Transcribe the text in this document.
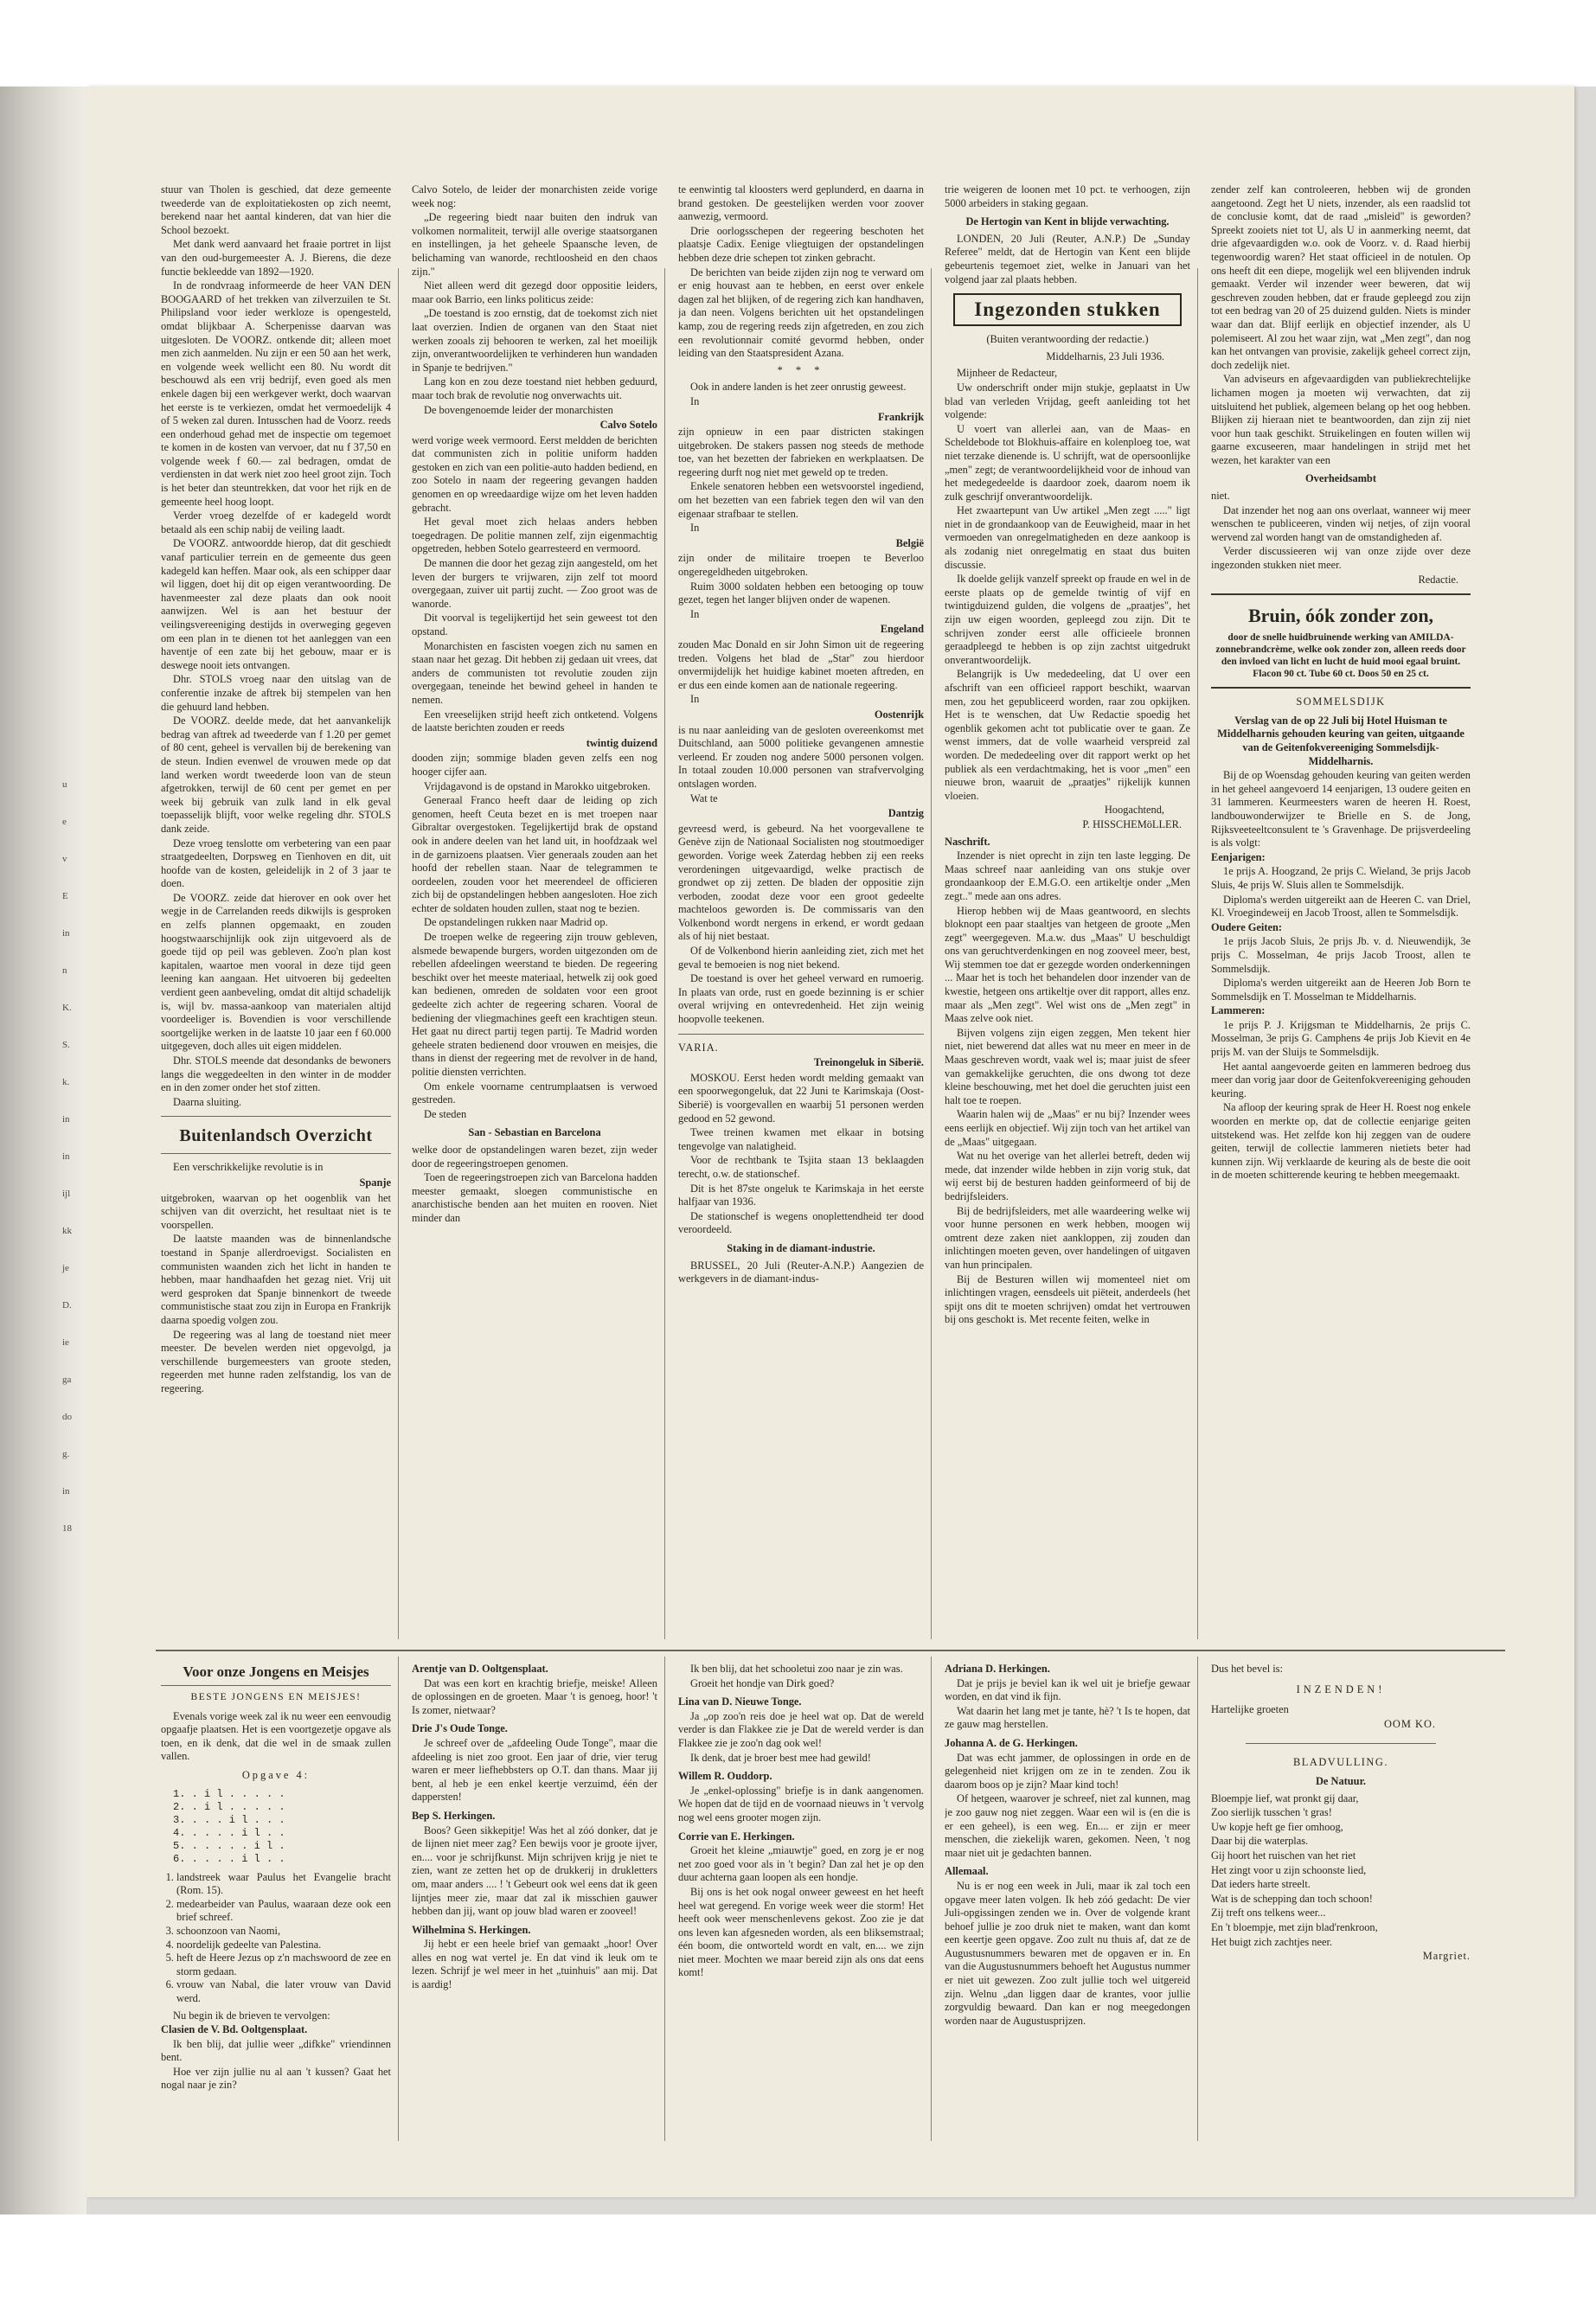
u
e
v
E
in
n
K.
S.
k.
in
in
ijl
kk
je
D.
ie
ga
do
g.
in
18

stuur van Tholen is geschied, dat deze gemeente tweederde van de exploitatiekosten op zich neemt, berekend naar het aantal kinderen, dat van hier die School bezoekt.

Met dank werd aanvaard het fraaie portret in lijst van den oud-burgemeester A. J. Bierens, die deze functie bekleedde van 1892—1920.

In de rondvraag informeerde de heer VAN DEN BOOGAARD of het trekken van zilverzuilen te St. Philipsland voor ieder werkloze is opengesteld, omdat blijkbaar A. Scherpenisse daarvan was uitgesloten. De VOORZ. ontkende dit; alleen moet men zich aanmelden. Nu zijn er een 50 aan het werk, en volgende week wellicht een 80. Nu wordt dit beschouwd als een vrij bedrijf, even goed als men enkele dagen bij een werkgever werkt, doch waarvan het eerste is te verkiezen, omdat het vermoedelijk 4 of 5 weken zal duren. Intusschen had de Voorz. reeds een onderhoud gehad met de inspectie om tegemoet te komen in de kosten van vervoer, dat nu f 37,50 en volgende week f 60.— zal bedragen, omdat de verdiensten in dat werk niet zoo heel groot zijn. Toch is het beter dan steuntrekken, dat voor het rijk en de gemeente heel hoog loopt.

Verder vroeg dezelfde of er kadegeld wordt betaald als een schip nabij de veiling laadt.

De VOORZ. antwoordde hierop, dat dit geschiedt vanaf particulier terrein en de gemeente dus geen kadegeld kan heffen. Maar ook, als een schipper daar wil liggen, doet hij dit op eigen verantwoording. De havenmeester zal deze plaats dan ook nooit aanwijzen. Wel is aan het bestuur der veilingsvereeniging destijds in overweging gegeven om een plan in te dienen tot het aanleggen van een haventje of een zate bij het gebouw, maar er is deswege nooit iets ontvangen.

Dhr. STOLS vroeg naar den uitslag van de conferentie inzake de aftrek bij stempelen van hen die gehuurd land hebben.

De VOORZ. deelde mede, dat het aanvankelijk bedrag van aftrek ad tweederde van f 1.20 per gemet of 80 cent, geheel is vervallen bij de berekening van de steun. Indien evenwel de vrouwen mede op dat land werken wordt tweederde loon van de steun afgetrokken, terwijl de 60 cent per gemet en per week bij gebruik van zulk land in elk geval toepasselijk blijft, voor welke regeling dhr. STOLS dank zeide.

Deze vroeg tenslotte om verbetering van een paar straatgedeelten, Dorpsweg en Tienhoven en dit, uit hoofde van de kosten, geleidelijk in 2 of 3 jaar te doen.

De VOORZ. zeide dat hierover en ook over het wegje in de Carrelanden reeds dikwijls is gesproken en zelfs plannen opgemaakt, en zouden hoogstwaarschijnlijk ook zijn uitgevoerd als de goede tijd op peil was gebleven. Zoo'n plan kost kapitalen, waartoe men vooral in deze tijd geen leening kan aangaan. Het uitvoeren bij gedeelten verdient geen aanbeveling, omdat dit altijd schadelijk is, wijl bv. massa-aankoop van materialen altijd voordeeliger is. Bovendien is voor verschillende soortgelijke werken in de laatste 10 jaar een f 60.000 uitgegeven, doch alles uit eigen middelen.

Dhr. STOLS meende dat desondanks de bewoners langs die weggedeelten in den winter in de modder en in den zomer onder het stof zitten.

Daarna sluiting.

Buitenlandsch Overzicht

Een verschrikkelijke revolutie is in

Spanje

uitgebroken, waarvan op het oogenblik van het schijven van dit overzicht, het resultaat niet is te voorspellen.

De laatste maanden was de binnenlandsche toestand in Spanje allerdroevigst. Socialisten en communisten waanden zich het licht in handen te hebben, maar handhaafden het gezag niet. Vrij uit werd gesproken dat Spanje binnenkort de tweede communistische staat zou zijn in Europa en Frankrijk daarna spoedig volgen zou.

De regeering was al lang de toestand niet meer meester. De bevelen werden niet opgevolgd, ja verschillende burgemeesters van groote steden, regeerden met hunne raden zelfstandig, los van de regeering.

Calvo Sotelo, de leider der monarchisten zeide vorige week nog:

„De regeering biedt naar buiten den indruk van volkomen normaliteit, terwijl alle overige staatsorganen en instellingen, ja het geheele Spaansche leven, de belichaming van wanorde, rechtloosheid en den chaos zijn."

Niet alleen werd dit gezegd door oppositie leiders, maar ook Barrio, een links politicus zeide:

„De toestand is zoo ernstig, dat de toekomst zich niet laat overzien. Indien de organen van den Staat niet werken zooals zij behooren te werken, zal het moeilijk zijn, onverantwoordelijken te verhinderen hun wandaden in Spanje te bedrijven."

Lang kon en zou deze toestand niet hebben geduurd, maar toch brak de revolutie nog onverwachts uit.

De bovengenoemde leider der monarchisten

Calvo Sotelo

werd vorige week vermoord. Eerst meldden de berichten dat communisten zich in politie uniform hadden gestoken en zich van een politie-auto hadden bediend, en zoo Sotelo in naam der regeering gevangen hadden genomen en op wreedaardige wijze om het leven hadden gebracht.

Het geval moet zich helaas anders hebben toegedragen. De politie mannen zelf, zijn eigenmachtig opgetreden, hebben Sotelo gearresteerd en vermoord.

De mannen die door het gezag zijn aangesteld, om het leven der burgers te vrijwaren, zijn zelf tot moord overgegaan, zuiver uit partij zucht. — Zoo groot was de wanorde.

Dit voorval is tegelijkertijd het sein geweest tot den opstand.

Monarchisten en fascisten voegen zich nu samen en staan naar het gezag. Dit hebben zij gedaan uit vrees, dat anders de communisten tot revolutie zouden zijn overgegaan, teneinde het bewind geheel in handen te nemen.

Een vreeselijken strijd heeft zich ontketend. Volgens de laatste berichten zouden er reeds

twintig duizend

dooden zijn; sommige bladen geven zelfs een nog hooger cijfer aan.

Vrijdagavond is de opstand in Marokko uitgebroken.

Generaal Franco heeft daar de leiding op zich genomen, heeft Ceuta bezet en is met troepen naar Gibraltar overgestoken. Tegelijkertijd brak de opstand ook in andere deelen van het land uit, in hoofdzaak wel in de garnizoens plaatsen. Vier generaals zouden aan het hoofd der rebellen staan. Naar de telegrammen te oordeelen, zouden voor het meerendeel de officieren zich bij de opstandelingen hebben aangesloten. Hoe zich echter de soldaten houden zullen, staat nog te bezien.

De opstandelingen rukken naar Madrid op.

De troepen welke de regeering zijn trouw gebleven, alsmede bewapende burgers, worden uitgezonden om de rebellen afdeelingen weerstand te bieden. De regeering beschikt over het meeste materiaal, hetwelk zij ook goed kan bedienen, omreden de soldaten voor een groot gedeelte zich achter de regeering scharen. Vooral de bediening der vliegmachines geeft een krachtigen steun. Het gaat nu direct partij tegen partij. Te Madrid worden geheele straten bedienend door vrouwen en meisjes, die thans in dienst der regeering met de revolver in de hand, politie diensten verrichten.

Om enkele voorname centrumplaatsen is verwoed gestreden.

De steden

San - Sebastian en Barcelona

welke door de opstandelingen waren bezet, zijn weder door de regeeringstroepen genomen.

Toen de regeeringstroepen zich van Barcelona hadden meester gemaakt, sloegen communistische en anarchistische benden aan het muiten en rooven. Niet minder dan

te eenwintig tal kloosters werd geplunderd, en daarna in brand gestoken. De geestelijken werden voor zoover aanwezig, vermoord.

Drie oorlogsschepen der regeering beschoten het plaatsje Cadix. Eenige vliegtuigen der opstandelingen hebben deze drie schepen tot zinken gebracht.

De berichten van beide zijden zijn nog te verward om er enig houvast aan te hebben, en eerst over enkele dagen zal het blijken, of de regering zich kan handhaven, ja dan neen. Volgens berichten uit het opstandelingen kamp, zou de regering reeds zijn afgetreden, en zou zich een revolutionnair comité gevormd hebben, onder leiding van den Staatspresident Azana.

* * *

Ook in andere landen is het zeer onrustig geweest.

In

Frankrijk

zijn opnieuw in een paar districten stakingen uitgebroken. De stakers passen nog steeds de methode toe, van het bezetten der fabrieken en werkplaatsen. De regeering durft nog niet met geweld op te treden.

Enkele senatoren hebben een wetsvoorstel ingediend, om het bezetten van een fabriek tegen den wil van den eigenaar strafbaar te stellen.

In

België

zijn onder de militaire troepen te Beverloo ongeregeldheden uitgebroken.

Ruim 3000 soldaten hebben een betooging op touw gezet, tegen het langer blijven onder de wapenen.

In

Engeland

zouden Mac Donald en sir John Simon uit de regeering treden. Volgens het blad de „Star" zou hierdoor onvermijdelijk het huidige kabinet moeten aftreden, en er dus een einde komen aan de nationale regeering.

In

Oostenrijk

is nu naar aanleiding van de gesloten overeenkomst met Duitschland, aan 5000 politieke gevangenen amnestie verleend. Er zouden nog andere 5000 personen volgen. In totaal zouden 10.000 personen van strafvervolging ontslagen worden.

Wat te

Dantzig

gevreesd werd, is gebeurd. Na het voorgevallene te Genève zijn de Nationaal Socialisten nog stoutmoediger geworden. Vorige week Zaterdag hebben zij een reeks verordeningen uitgevaardigd, welke practisch de grondwet op zij zetten. De bladen der oppositie zijn verboden, zoodat deze voor een groot gedeelte machteloos geworden is. De commissaris van den Volkenbond wordt nergens in erkend, er wordt gedaan als of hij niet bestaat.

Of de Volkenbond hierin aanleiding ziet, zich met het geval te bemoeien is nog niet bekend.

De toestand is over het geheel verward en rumoerig. In plaats van orde, rust en goede bezinning is er schier overal wrijving en ontevredenheid. Het zijn weinig hoopvolle teekenen.

VARIA.

Treinongeluk in Siberië.

MOSKOU. Eerst heden wordt melding gemaakt van een spoorwegongeluk, dat 22 Juni te Karimskaja (Oost-Siberië) is voorgevallen en waarbij 51 personen werden gedood en 52 gewond.

Twee treinen kwamen met elkaar in botsing tengevolge van nalatigheid.

Voor de rechtbank te Tsjita staan 13 beklaagden terecht, o.w. de stationschef.

Dit is het 87ste ongeluk te Karimskaja in het eerste halfjaar van 1936.

De stationschef is wegens onoplettendheid ter dood veroordeeld.

Staking in de diamant-industrie.

BRUSSEL, 20 Juli (Reuter-A.N.P.) Aangezien de werkgevers in de diamant-indus-

trie weigeren de loonen met 10 pct. te verhoogen, zijn 5000 arbeiders in staking gegaan.

De Hertogin van Kent in blijde verwachting.

LONDEN, 20 Juli (Reuter, A.N.P.) De „Sunday Referee" meldt, dat de Hertogin van Kent een blijde gebeurtenis tegemoet ziet, welke in Januari van het volgend jaar zal plaats hebben.

Ingezonden stukken

(Buiten verantwoording der redactie.)

Middelharnis, 23 Juli 1936.

Mijnheer de Redacteur,

Uw onderschrift onder mijn stukje, geplaatst in Uw blad van verleden Vrijdag, geeft aanleiding tot het volgende:

U voert van allerlei aan, van de Maas- en Scheldebode tot Blokhuis-affaire en kolenploeg toe, wat niet terzake dienende is. U schrijft, wat de opersoonlijke „men" zegt; de verantwoordelijkheid voor de inhoud van het medegedeelde is daardoor zoek, daarom noem ik zulk geschrijf onverantwoordelijk.

Het zwaartepunt van Uw artikel „Men zegt ....." ligt niet in de grondaankoop van de Eeuwigheid, maar in het vermoeden van onregelmatigheden en deze aankoop is als zodanig niet onregelmatig en staat dus buiten discussie.

Ik doelde gelijk vanzelf spreekt op fraude en wel in de eerste plaats op de gemelde twintig of vijf en twintigduizend gulden, die volgens de „praatjes", het zijn uw eigen woorden, gepleegd zou zijn. Dit te schrijven zonder eerst alle officieele bronnen geraadpleegd te hebben is op zijn zachtst uitgedrukt onverantwoordelijk.

Belangrijk is Uw mededeeling, dat U over een afschrift van een officieel rapport beschikt, waarvan men, zou het gepubliceerd worden, raar zou opkijken. Het is te wenschen, dat Uw Redactie spoedig het ogenblik gekomen acht tot publicatie over te gaan. Ze wenst immers, dat de volle waarheid verspreid zal worden. De mededeeling over dit rapport werkt op het publiek als een verdachtmaking, het is voor „men" een nieuwe bron, waaruit de „praatjes" rijkelijk kunnen vloeien.

Hoogachtend,

P. HISSCHEMöLLER.

Naschrift.

Inzender is niet oprecht in zijn ten laste legging. De Maas schreef naar aanleiding van ons stukje over grondaankoop der E.M.G.O. een artikeltje onder „Men zegt.." mede aan ons adres.

Hierop hebben wij de Maas geantwoord, en slechts bloknopt een paar staaltjes van hetgeen de groote „Men zegt" weergegeven. M.a.w. dus „Maas" U beschuldigt ons van geruchtverdenkingen en nog zooveel meer, best, Wij stemmen toe dat er gezegde worden onderkenningen ... Maar het is toch het behandelen door inzender van de kwestie, hetgeen ons artikeltje over dit rapport, alles enz. maar als „Men zegt". Wel wist ons de „Men zegt" in Maas zelve ook niet.

Bijven volgens zijn eigen zeggen, Men tekent hier niet, niet bewerend dat alles wat nu meer en meer in de Maas geschreven wordt, vaak wel is; maar juist de sfeer van gemakkelijke geruchten, die ons dwong tot deze kleine beschouwing, met het doel die geruchten juist een halt toe te roepen.

Waarin halen wij de „Maas" er nu bij? Inzender wees eens eerlijk en objectief. Wij zijn toch van het artikel van de „Maas" uitgegaan.

Wat nu het overige van het allerlei betreft, deden wij mede, dat inzender wilde hebben in zijn vorig stuk, dat wij eerst bij de besturen hadden geinformeerd of bij de bedrijfsleiders.

Bij de bedrijfsleiders, met alle waardeering welke wij voor hunne personen en werk hebben, moogen wij omtrent deze zaken niet aankloppen, zij zouden dan inlichtingen moeten geven, over handelingen of uitgaven van hun principalen.

Bij de Besturen willen wij momenteel niet om inlichtingen vragen, eensdeels uit piëteit, anderdeels (het spijt ons dit te moeten schrijven) omdat het vertrouwen bij ons geschokt is. Met recente feiten, welke in

zender zelf kan controleeren, hebben wij de gronden aangetoond. Zegt het U niets, inzender, als een raadslid tot de conclusie komt, dat de raad „misleid" is geworden? Spreekt zooiets niet tot U, als U in aanmerking neemt, dat drie afgevaardigden w.o. ook de Voorz. v. d. Raad hierbij tegenwoordig waren? Het staat officieel in de notulen. Op ons heeft dit een diepe, mogelijk wel een blijvenden indruk gemaakt. Verder wil inzender weer beweren, dat wij geschreven zouden hebben, dat er fraude gepleegd zou zijn tot een bedrag van 20 of 25 duizend gulden. Niets is minder waar dan dat. Blijf eerlijk en objectief inzender, als U polemiseert. Al zou het waar zijn, wat „Men zegt", dan nog kan het ontvangen van provisie, zakelijk geheel correct zijn, doch zedelijk niet.

Van adviseurs en afgevaardigden van publiekrechtelijke lichamen mogen ja moeten wij verwachten, dat zij uitsluitend het publiek, algemeen belang op het oog hebben. Blijken zij hieraan niet te beantwoorden, dan zijn zij niet voor hun taak geschikt. Struikelingen en fouten willen wij gaarne excuseeren, maar handelingen in strijd met het wezen, het karakter van een

Overheidsambt

niet.

Dat inzender het nog aan ons overlaat, wanneer wij meer wenschen te publiceeren, vinden wij netjes, of zijn vooral wervend zal worden hangt van de omstandigheden af.

Verder discussieeren wij van onze zijde over deze ingezonden stukken niet meer.

Redactie.

Bruin, óók zonder zon,

door de snelle huidbruinende werking van AMILDA-zonnebrandcrème, welke ook zonder zon, alleen reeds door den invloed van licht en lucht de huid mooi egaal bruint. Flacon 90 ct. Tube 60 ct. Doos 50 en 25 ct.

SOMMELSDIJK

Verslag van de op 22 Juli bij Hotel Huisman te Middelharnis gehouden keuring van geiten, uitgaande van de Geitenfokvereeniging Sommelsdijk-Middelharnis.

Bij de op Woensdag gehouden keuring van geiten werden in het geheel aangevoerd 14 eenjarigen, 13 oudere geiten en 31 lammeren. Keurmeesters waren de heeren H. Roest, landbouwonderwijzer te Brielle en S. de Jong, Rijksveeteeltconsulent te 's Gravenhage. De prijsverdeeling is als volgt:

Eenjarigen:

1e prijs A. Hoogzand, 2e prijs C. Wieland, 3e prijs Jacob Sluis, 4e prijs W. Sluis allen te Sommelsdijk.

Diploma's werden uitgereikt aan de Heeren C. van Driel, Kl. Vroegindeweij en Jacob Troost, allen te Sommelsdijk.

Oudere Geiten:

1e prijs Jacob Sluis, 2e prijs Jb. v. d. Nieuwendijk, 3e prijs C. Mosselman, 4e prijs Jacob Troost, allen te Sommelsdijk.

Diploma's werden uitgereikt aan de Heeren Job Born te Sommelsdijk en T. Mosselman te Middelharnis.

Lammeren:

1e prijs P. J. Krijgsman te Middelharnis, 2e prijs C. Mosselman, 3e prijs G. Camphens 4e prijs Job Kievit en 4e prijs M. van der Sluijs te Sommelsdijk.

Het aantal aangevoerde geiten en lammeren bedroeg dus meer dan vorig jaar door de Geitenfokvereeniging gehouden keuring.

Na afloop der keuring sprak de Heer H. Roest nog enkele woorden en merkte op, dat de collectie eenjarige geiten uitstekend was. Het zelfde kon hij zeggen van de oudere geiten, terwijl de collectie lammeren nietiets beter had kunnen zijn. Wij verklaarde de keuring als de beste die ooit in de moeten schitterende keuring te hebben meegemaakt.

Voor onze Jongens en Meisjes
BESTE JONGENS EN MEISJES!

Evenals vorige week zal ik nu weer een eenvoudig opgaafje plaatsen. Het is een voortgezetje opgave als toen, en ik denk, dat die wel in de smaak zullen vallen.

Opgave 4:
1. . i l . . . . .
2. . i l . . . . .
3. . . . i l . . .
4. . . . . i l . .
5. . . . . . i l .
6. . . . . i l . .
1. landstreek waar Paulus het Evangelie bracht (Rom. 15).
2. medearbeider van Paulus, waaraan deze ook een brief schreef.
3. schoonzoon van Naomi,
4. noordelijk gedeelte van Palestina.
5. heft de Heere Jezus op z'n machswoord de zee en storm gedaan.
6. vrouw van Nabal, die later vrouw van David werd.

Nu begin ik de brieven te vervolgen:

Clasien de V. Bd. Ooltgensplaat.

Ik ben blij, dat jullie weer „difkke" vriendinnen bent.

Hoe ver zijn jullie nu al aan 't kussen? Gaat het nogal naar je zin?

Arentje van D. Ooltgensplaat.

Dat was een kort en krachtig briefje, meiske! Alleen de oplossingen en de groeten. Maar 't is genoeg, hoor! 't Is zomer, nietwaar?

Drie J's Oude Tonge.

Je schreef over de „afdeeling Oude Tonge", maar die afdeeling is niet zoo groot. Een jaar of drie, vier terug waren er meer liefhebbsters op O.T. dan thans. Maar jij bent, al heb je een enkel keertje verzuimd, één der dappersten!

Bep S. Herkingen.

Boos? Geen sikkepitje! Was het al zóó donker, dat je de lijnen niet meer zag? Een bewijs voor je groote ijver, en.... voor je schrijfkunst. Mijn schrijven krijg je niet te zien, want ze zetten het op de drukkerij in drukletters om, maar anders .... ! 't Gebeurt ook wel eens dat ik geen lijntjes meer zie, maar dat zal ik misschien gauwer hebben dan jij, want op jouw blad waren er zooveel!

Wilhelmina S. Herkingen.

Jij hebt er een heele brief van gemaakt „hoor! Over alles en nog wat vertel je. En dat vind ik leuk om te lezen. Schrijf je wel meer in het „tuinhuis" aan mij. Dat is aardig!

Ik ben blij, dat het schooletui zoo naar je zin was.

Groeit het hondje van Dirk goed?

Lina van D. Nieuwe Tonge.

Ja „op zoo'n reis doe je heel wat op. Dat de wereld verder is dan Flakkee zie je Dat de wereld verder is dan Flakkee zie je zoo'n dag ook wel!

Ik denk, dat je broer best mee had gewild!

Willem R. Ouddorp.

Je „enkel-oplossing" briefje is in dank aangenomen. We hopen dat de tijd en de voornaad nieuws in 't vervolg nog wel eens grooter mogen zijn.

Corrie van E. Herkingen.

Groeit het kleine „miauwtje" goed, en zorg je er nog net zoo goed voor als in 't begin? Dan zal het je op den duur achterna gaan loopen als een hondje.

Bij ons is het ook nogal onweer geweest en het heeft heel wat geregend. En vorige week weer die storm! Het heeft ook weer menschenlevens gekost. Zoo zie je dat ons leven kan afgesneden worden, als een bliksemstraal; één boom, die ontworteld wordt en valt, en.... we zijn niet meer. Mochten we maar bereid zijn als ons dat eens komt!

Adriana D. Herkingen.

Dat je prijs je beviel kan ik wel uit je briefje gewaar worden, en dat vind ik fijn.

Wat daarin het lang met je tante, hè? 't Is te hopen, dat ze gauw mag herstellen.

Johanna A. de G. Herkingen.

Dat was echt jammer, de oplossingen in orde en de gelegenheid niet krijgen om ze in te zenden. Zou ik daarom boos op je zijn? Maar kind toch!

Of hetgeen, waarover je schreef, niet zal kunnen, mag je zoo gauw nog niet zeggen. Waar een wil is (en die is er een geheel), is een weg. En.... er zijn er meer menschen, die ziekelijk waren, gekomen. Neen, 't nog maar niet uit je gedachten bannen.

Allemaal.

Nu is er nog een week in Juli, maar ik zal toch een opgave meer laten volgen. Ik heb zóó gedacht: De vier Juli-opgissingen zenden we in. Over de volgende krant behoef jullie je zoo druk niet te maken, want dan komt een keertje geen opgave. Zoo zult nu thuis af, dat ze de Augustusnummers bewaren met de opgaven er in. En van die Augustusnummers behoeft het Augustus nummer er niet uit gewezen. Zoo zult jullie toch wel uitgereid zijn. Welnu „dan liggen daar de krantes, voor jullie zorgvuldig bewaard. Dan kan er nog meegedongen worden naar de Augustusprijzen.

Dus het bevel is:

INZENDEN!

Hartelijke groeten

OOM KO.

BLADVULLING.
De Natuur.

Bloempje lief, wat pronkt gij daar,

Zoo sierlijk tusschen 't gras!

Uw kopje heft ge fier omhoog,

Daar bij die waterplas.

Gij hoort het ruischen van het riet

Het zingt voor u zijn schoonste lied,

Dat ieders harte streelt.

Wat is de schepping dan toch schoon!

Zij treft ons telkens weer...

En 't bloempje, met zijn blad'renkroon,

Het buigt zich zachtjes neer.

Margriet.
